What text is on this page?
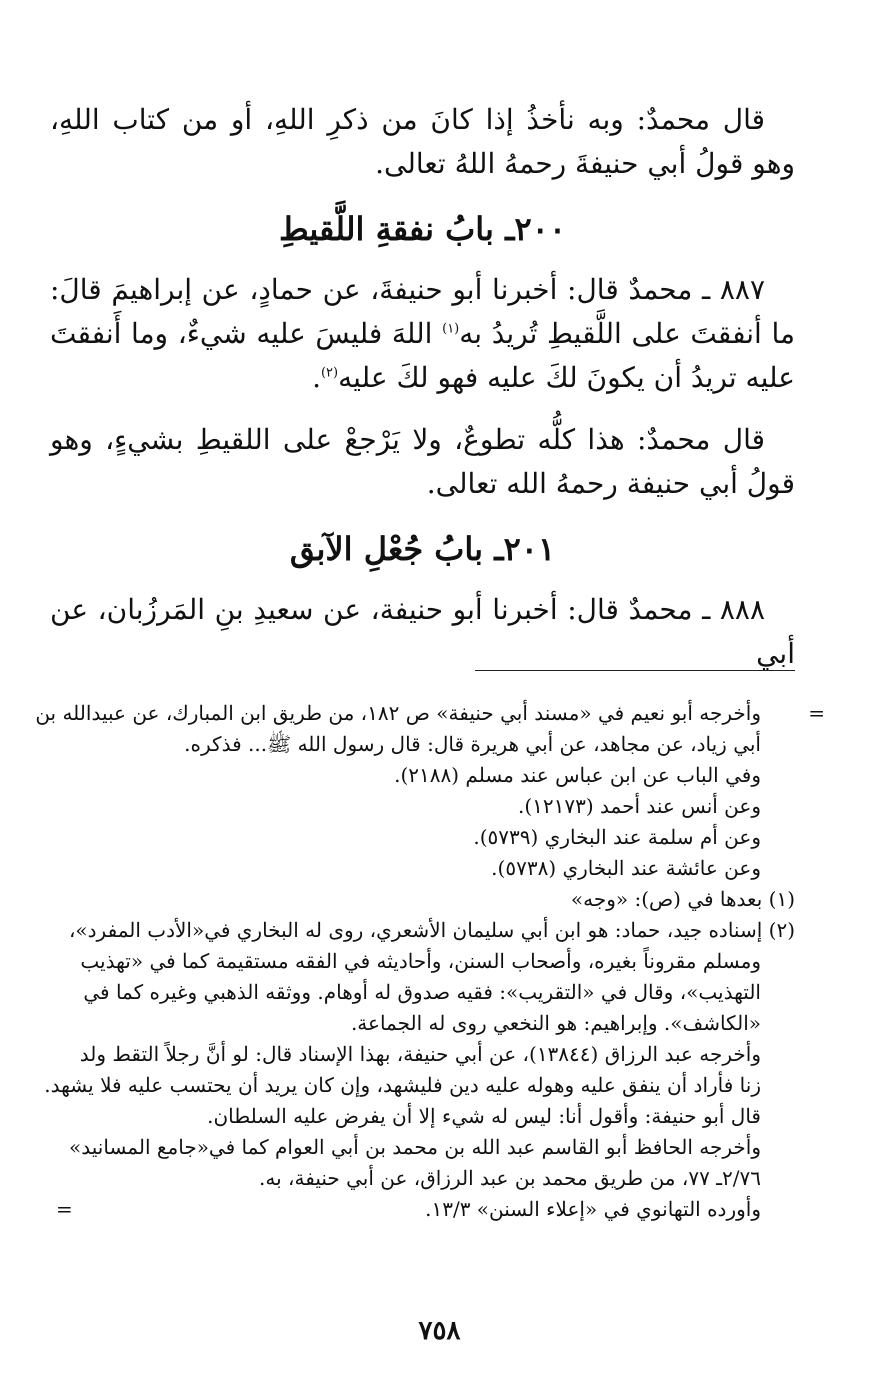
قال محمدٌ: وبه نأخذُ إذا كانَ من ذكرِ اللهِ، أو من كتاب اللهِ، وهو قولُ أبي حنيفةَ رحمهُ اللهُ تعالى.

٢٠٠ـ بابُ نفقةِ اللَّقيطِ

٨٨٧ ـ محمدٌ قال: أخبرنا أبو حنيفةَ، عن حمادٍ، عن إبراهيمَ قالَ: ما أنفقتَ على اللَّقيطِ تُريدُ به$^{(١)}$ اللهَ فليسَ عليه شيءٌ، وما أَنفقتَ عليه تريدُ أن يكونَ لكَ عليه فهو لكَ عليه$^{(٢)}$.

قال محمدٌ: هذا كلُّه تطوعٌ، ولا يَرْجعْ على اللقيطِ بشيءٍ، وهو قولُ أبي حنيفة رحمهُ الله تعالى.

٢٠١ـ بابُ جُعْلِ الآبق

٨٨٨ ـ محمدٌ قال: أخبرنا أبو حنيفة، عن سعيدِ بنِ المَرزُبان، عن أبي

=
وأخرجه أبو نعيم في «مسند أبي حنيفة» ص ١٨٢، من طريق ابن المبارك، عن عبيدالله بن

أبي زياد، عن مجاهد، عن أبي هريرة قال: قال رسول الله ﷺ... فذكره.

وفي الباب عن ابن عباس عند مسلم (٢١٨٨).

وعن أنس عند أحمد (١٢١٧٣).

وعن أم سلمة عند البخاري (٥٧٣٩).

وعن عائشة عند البخاري (٥٧٣٨).

(١) بعدها في (ص): «وجه»

(٢) إسناده جيد، حماد: هو ابن أبي سليمان الأشعري، روى له البخاري في«الأدب المفرد»،

ومسلم مقروناً بغيره، وأصحاب السنن، وأحاديثه في الفقه مستقيمة كما في «تهذيب

التهذيب»، وقال في «التقريب»: فقيه صدوق له أوهام. ووثقه الذهبي وغيره كما في

«الكاشف». وإبراهيم: هو النخعي روى له الجماعة.

وأخرجه عبد الرزاق (١٣٨٤٤)، عن أبي حنيفة، بهذا الإسناد قال: لو أنَّ رجلاً التقط ولد

زنا فأراد أن ينفق عليه وهوله عليه دين فليشهد، وإن كان يريد أن يحتسب عليه فلا يشهد.

قال أبو حنيفة: وأقول أنا: ليس له شيء إلا أن يفرض عليه السلطان.

وأخرجه الحافظ أبو القاسم عبد الله بن محمد بن أبي العوام كما في«جامع المسانيد»

٢/٧٦ـ ٧٧، من طريق محمد بن عبد الرزاق، عن أبي حنيفة، به.

وأورده التهانوي في «إعلاء السنن» ١٣/٣.
=

٧٥٨
